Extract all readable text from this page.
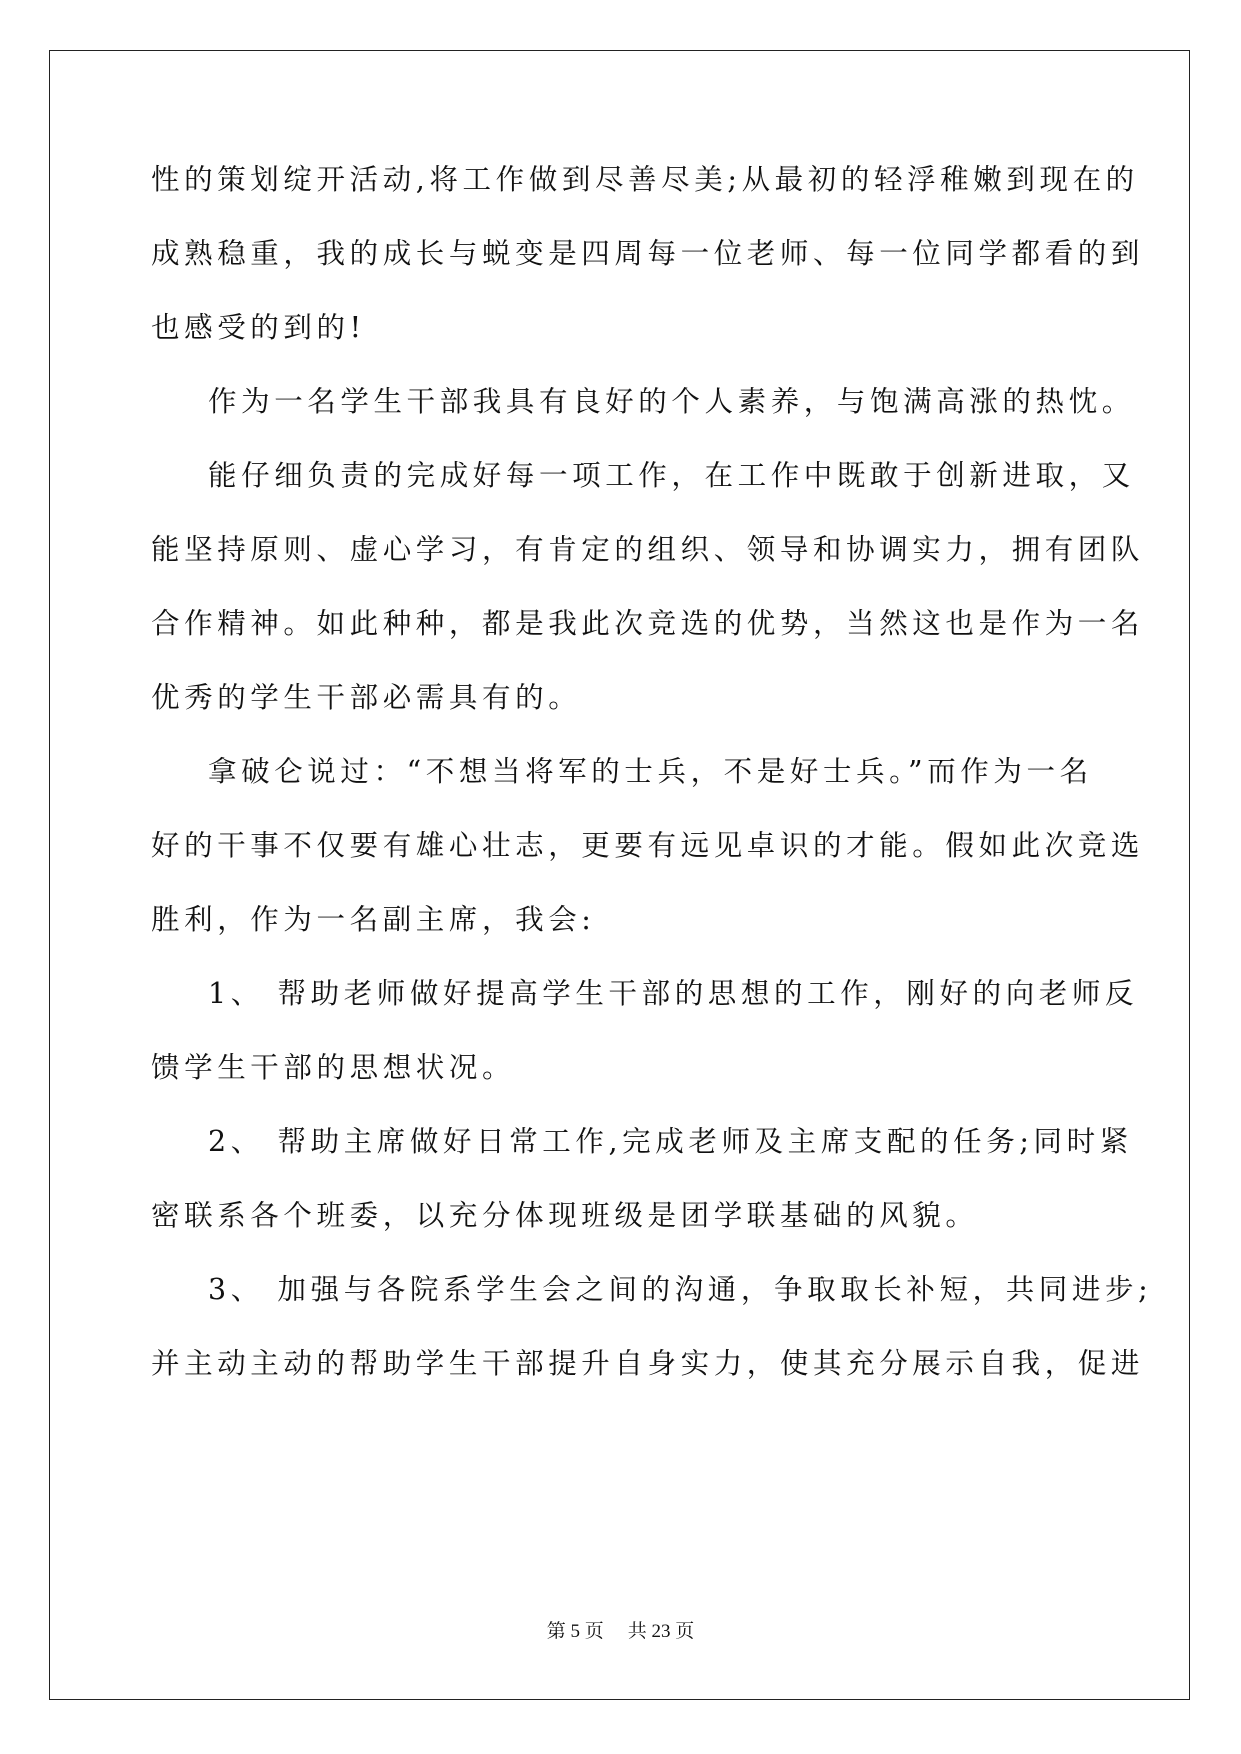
性的策划绽开活动,将工作做到尽善尽美;从最初的轻浮稚嫩到现在的
成熟稳重，我的成长与蜕变是四周每一位老师、每一位同学都看的到
也感受的到的!
作为一名学生干部我具有良好的个人素养，与饱满高涨的热忱。
能仔细负责的完成好每一项工作，在工作中既敢于创新进取，又
能坚持原则、虚心学习，有肯定的组织、领导和协调实力，拥有团队
合作精神。如此种种，都是我此次竞选的优势，当然这也是作为一名
优秀的学生干部必需具有的。
拿破仑说过：“不想当将军的士兵，不是好士兵。”而作为一名
好的干事不仅要有雄心壮志，更要有远见卓识的才能。假如此次竞选
胜利，作为一名副主席，我会:
1、 帮助老师做好提高学生干部的思想的工作，刚好的向老师反
馈学生干部的思想状况。
2、 帮助主席做好日常工作,完成老师及主席支配的任务;同时紧
密联系各个班委，以充分体现班级是团学联基础的风貌。
3、 加强与各院系学生会之间的沟通，争取取长补短，共同进步;
并主动主动的帮助学生干部提升自身实力，使其充分展示自我，促进
第 5 页 共 23 页
